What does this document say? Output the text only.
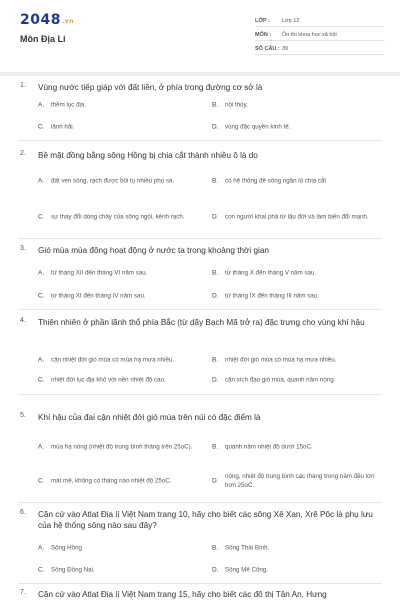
2048.vn
Môn Địa Lí
LỚP : Lớp 12
MÔN : Ôn thi khoa học xã hội
SỐ CÂU : 39
1. Vùng nước tiếp giáp với đất liền, ở phía trong đường cơ sở là
A. thềm lục địa.	B. nội thủy.
C. lãnh hải.	D. vùng đặc quyền kinh tế.
2. Bề mặt đồng bằng sông Hồng bị chia cắt thành nhiều ô là do
A. đất ven sông, rạch được bồi tụ nhiều phù sa.	B. có hệ thống đê sông ngăn lũ chia cắt
C. sự thay đổi dòng chảy của sông ngòi, kênh rạch.	D. con người khai phá từ lâu đời và làm biến đổi mạnh.
3. Gió mùa mùa đông hoạt động ở nước ta trong khoảng thời gian
A. từ tháng XII đến tháng VI năm sau.	B. từ tháng X đến tháng V năm sau.
C. từ tháng XI đến tháng IV năm sau.	D. từ tháng IX đến tháng III năm sau.
4. Thiên nhiên ở phần lãnh thổ phía Bắc (từ dãy Bạch Mã trở ra) đặc trưng cho vùng khí hậu
A. cận nhiệt đới gió mùa có mùa hạ mưa nhiều.	B. nhiệt đới gió mùa có mùa hạ mưa nhiều.
C. nhiệt đới lục địa khô với nền nhiệt độ cao.	D. cận xích đạo gió mùa, quanh năm nóng.
5. Khí hậu của đai cận nhiệt đới gió mùa trên núi có đặc điểm là
A. mùa hạ nóng (nhiệt độ trung bình tháng trên 25oC).	B. quanh năm nhiệt độ dưới 15oC.
C. mát mẻ, không có tháng nào nhiệt độ 25oC.	D.
nóng, nhiệt độ trung bình các tháng trong năm đều lớn hơn 25oC.
6. Căn cứ vào Atlat Địa lí Việt Nam trang 10, hãy cho biết các sông Xê Xan, Xrê Pôc là phụ lưu của hệ thống sông nào sau đây?
A. Sông Hồng	B. Sông Thái Bình.
C. Sông Đồng Nai.	D. Sông Mê Công.
7. Căn cứ vào Atlat Địa lí Việt Nam trang 15, hãy cho biết các đô thị Tân An, Hưng
